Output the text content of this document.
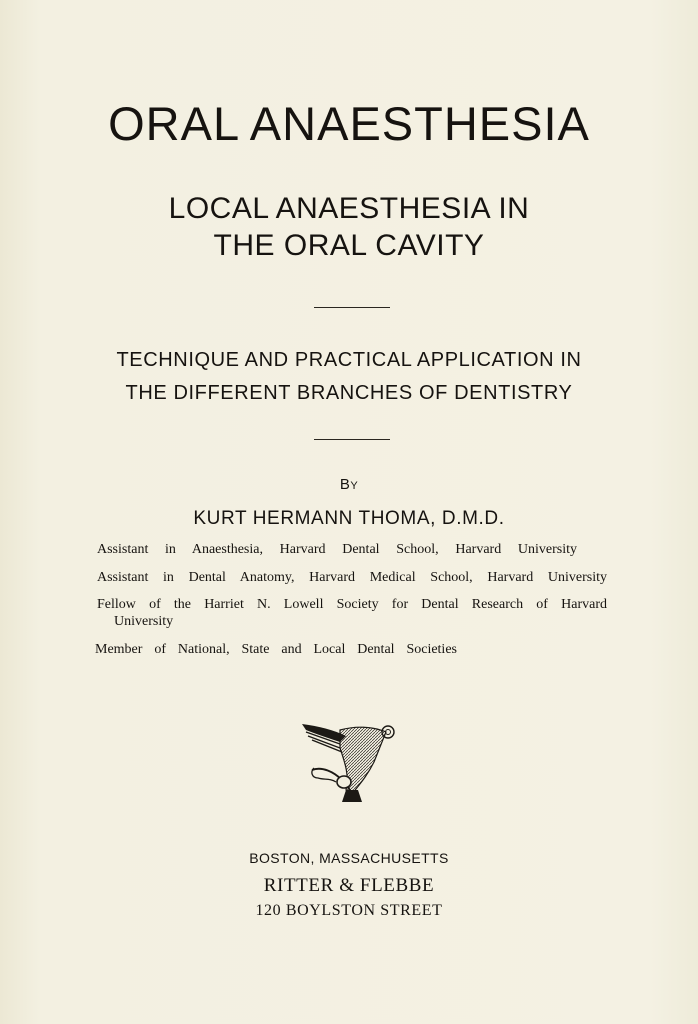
ORAL ANAESTHESIA
LOCAL ANAESTHESIA IN
THE ORAL CAVITY
TECHNIQUE AND PRACTICAL APPLICATION IN
THE DIFFERENT BRANCHES OF DENTISTRY
By
KURT HERMANN THOMA, D.M.D.
Assistant in Anaesthesia, Harvard Dental School, Harvard University
Assistant in Dental Anatomy, Harvard Medical School, Harvard University
Fellow of the Harriet N. Lowell Society for Dental Research of Harvard
University
Member of National, State and Local Dental Societies
BOSTON, MASSACHUSETTS
RITTER & FLEBBE
120 BOYLSTON STREET
